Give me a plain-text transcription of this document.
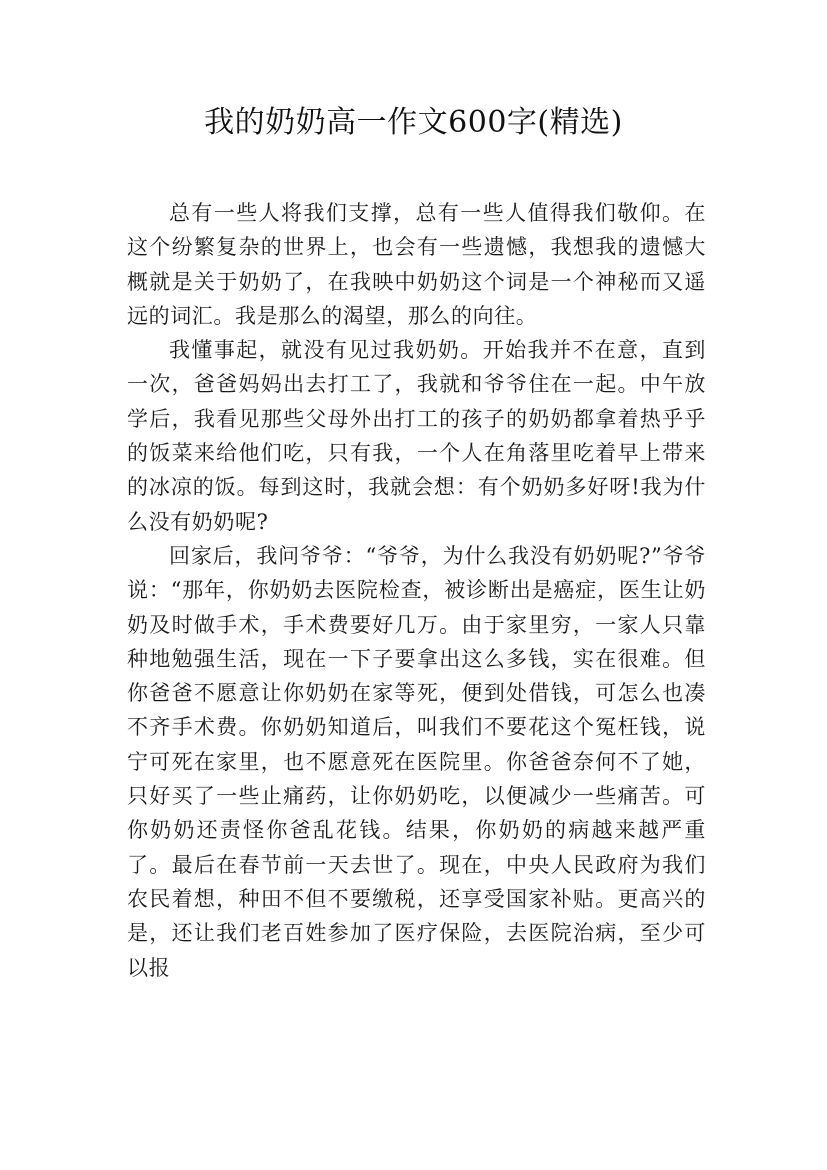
我的奶奶高一作文600字(精选)

总有一些人将我们支撑，总有一些人值得我们敬仰。在这个纷繁复杂的世界上，也会有一些遗憾，我想我的遗憾大概就是关于奶奶了，在我映中奶奶这个词是一个神秘而又遥远的词汇。我是那么的渴望，那么的向往。

我懂事起，就没有见过我奶奶。开始我并不在意，直到一次，爸爸妈妈出去打工了，我就和爷爷住在一起。中午放学后，我看见那些父母外出打工的孩子的奶奶都拿着热乎乎的饭菜来给他们吃，只有我，一个人在角落里吃着早上带来的冰凉的饭。每到这时，我就会想：有个奶奶多好呀!我为什么没有奶奶呢?

回家后，我问爷爷：“爷爷，为什么我没有奶奶呢?”爷爷说：“那年，你奶奶去医院检查，被诊断出是癌症，医生让奶奶及时做手术，手术费要好几万。由于家里穷，一家人只靠种地勉强生活，现在一下子要拿出这么多钱，实在很难。但你爸爸不愿意让你奶奶在家等死，便到处借钱，可怎么也凑不齐手术费。你奶奶知道后，叫我们不要花这个冤枉钱，说宁可死在家里，也不愿意死在医院里。你爸爸奈何不了她，只好买了一些止痛药，让你奶奶吃，以便减少一些痛苦。可你奶奶还责怪你爸乱花钱。结果，你奶奶的病越来越严重了。最后在春节前一天去世了。现在，中央人民政府为我们农民着想，种田不但不要缴税，还享受国家补贴。更高兴的是，还让我们老百姓参加了医疗保险，去医院治病，至少可以报
